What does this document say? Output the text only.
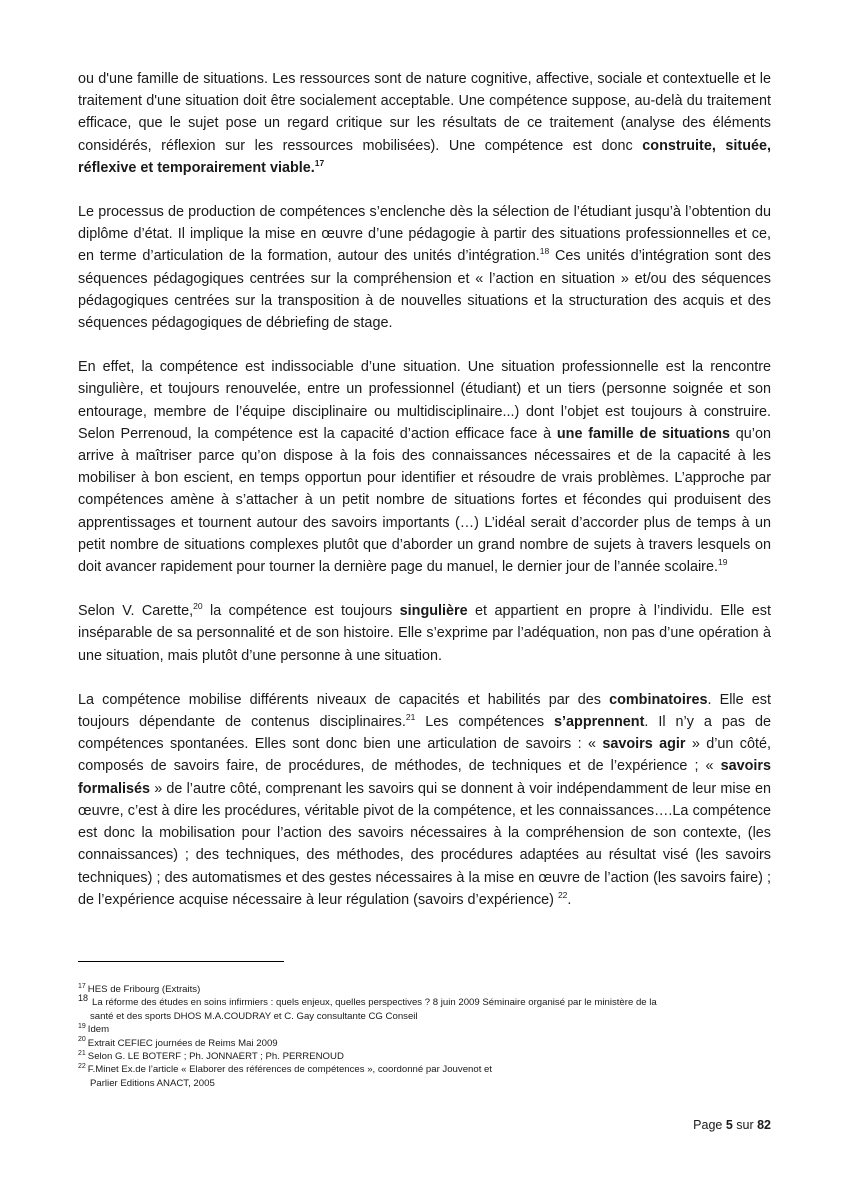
ou d'une famille de situations. Les ressources sont de nature cognitive, affective, sociale et contextuelle et le traitement d'une situation doit être socialement acceptable. Une compétence suppose, au-delà du traitement efficace, que le sujet pose un regard critique sur les résultats de ce traitement (analyse des éléments considérés, réflexion sur les ressources mobilisées). Une compétence est donc construite, située, réflexive et temporairement viable.$^{17}$

Le processus de production de compétences s’enclenche dès la sélection de l’étudiant jusqu’à l’obtention du diplôme d’état. Il implique la mise en œuvre d’une pédagogie à partir des situations professionnelles et ce, en terme d’articulation de la formation, autour des unités d’intégration.$^{18}$ Ces unités d’intégration sont des séquences pédagogiques centrées sur la compréhension et « l’action en situation » et/ou des séquences pédagogiques centrées sur la transposition à de nouvelles situations et la structuration des acquis et des séquences pédagogiques de débriefing de stage.

En effet, la compétence est indissociable d’une situation. Une situation professionnelle est la rencontre singulière, et toujours renouvelée, entre un professionnel (étudiant) et un tiers (personne soignée et son entourage, membre de l’équipe disciplinaire ou multidisciplinaire...) dont l’objet est toujours à construire. Selon Perrenoud, la compétence est la capacité d’action efficace face à une famille de situations qu’on arrive à maîtriser parce qu’on dispose à la fois des connaissances nécessaires et de la capacité à les mobiliser à bon escient, en temps opportun pour identifier et résoudre de vrais problèmes. L’approche par compétences amène à s’attacher à un petit nombre de situations fortes et fécondes qui produisent des apprentissages et tournent autour des savoirs importants (…) L’idéal serait d’accorder plus de temps à un petit nombre de situations complexes plutôt que d’aborder un grand nombre de sujets à travers lesquels on doit avancer rapidement pour tourner la dernière page du manuel, le dernier jour de l’année scolaire.$^{19}$

Selon V. Carette,$^{20}$ la compétence est toujours singulière et appartient en propre à l’individu. Elle est inséparable de sa personnalité et de son histoire. Elle s’exprime par l’adéquation, non pas d’une opération à une situation, mais plutôt d’une personne à une situation.

La compétence mobilise différents niveaux de capacités et habilités par des combinatoires. Elle est toujours dépendante de contenus disciplinaires.$^{21}$ Les compétences s’apprennent. Il n’y a pas de compétences spontanées. Elles sont donc bien une articulation de savoirs : « savoirs agir » d’un côté, composés de savoirs faire, de procédures, de méthodes, de techniques et de l’expérience ; « savoirs formalisés » de l’autre côté, comprenant les savoirs qui se donnent à voir indépendamment de leur mise en œuvre, c’est à dire les procédures, véritable pivot de la compétence, et les connaissances….La compétence est donc la mobilisation pour l’action des savoirs nécessaires à la compréhension de son contexte, (les connaissances) ; des techniques, des méthodes, des procédures adaptées au résultat visé (les savoirs techniques) ; des automatismes et des gestes nécessaires à la mise en œuvre de l’action (les savoirs faire) ; de l’expérience acquise nécessaire à leur régulation (savoirs d’expérience) $^{22}$.

$^{17}$ HES de Fribourg (Extraits)

$^{18}$ La réforme des études en soins infirmiers : quels enjeux, quelles perspectives ? 8 juin 2009 Séminaire organisé par le ministère de la
santé et des sports DHOS M.A.COUDRAY et C. Gay consultante CG Conseil

$^{19}$ Idem

$^{20}$ Extrait CEFIEC journées de Reims Mai 2009

$^{21}$ Selon G. LE BOTERF ; Ph. JONNAERT ; Ph. PERRENOUD

$^{22}$ F.Minet Ex.de l’article « Elaborer des références de compétences », coordonné par Jouvenot et
Parlier Editions ANACT, 2005

Page 5 sur 82
